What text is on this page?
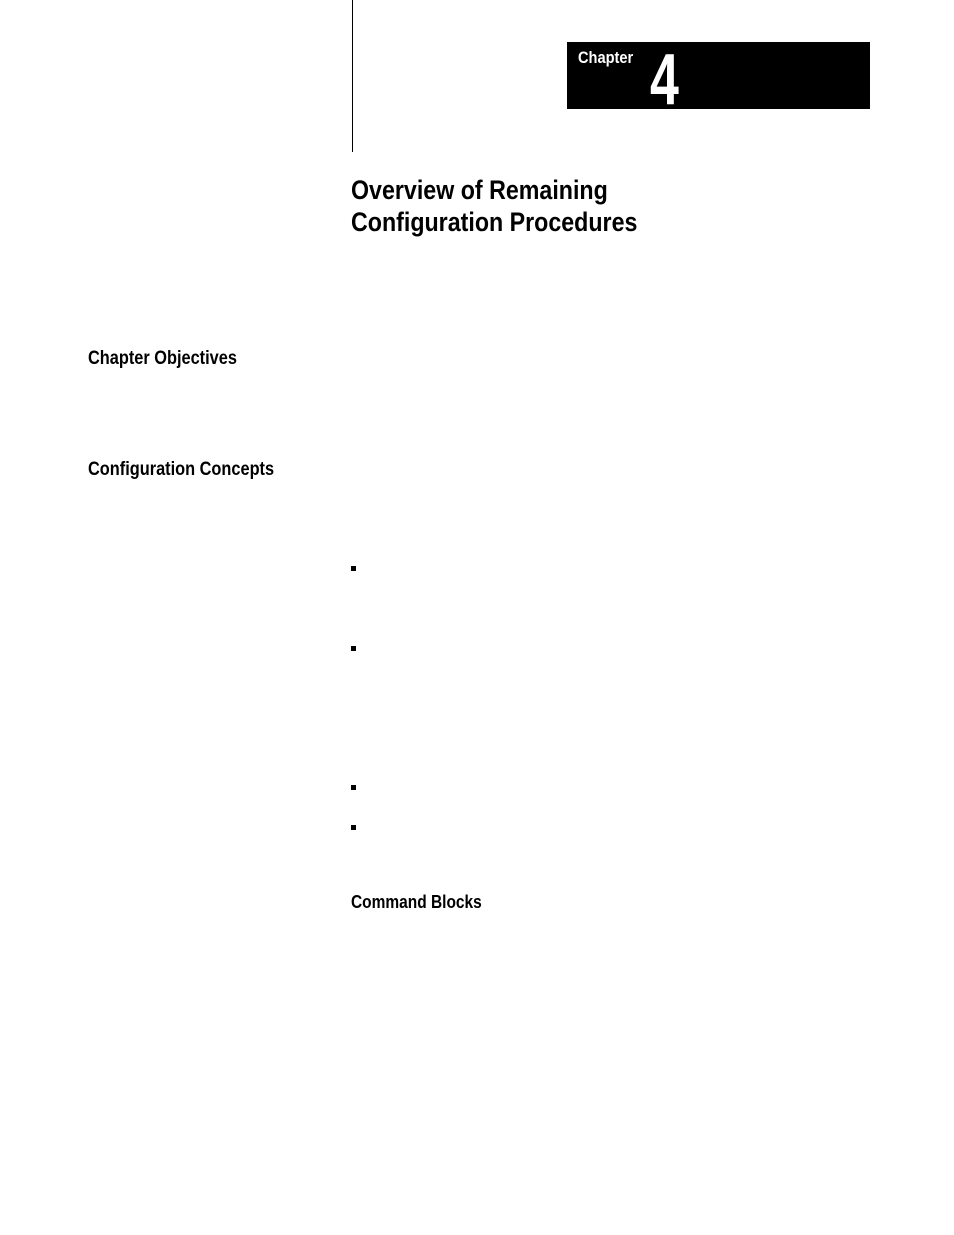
Chapter 4
Overview of Remaining
Configuration Procedures
Chapter Objectives
Configuration Concepts
Command Blocks
